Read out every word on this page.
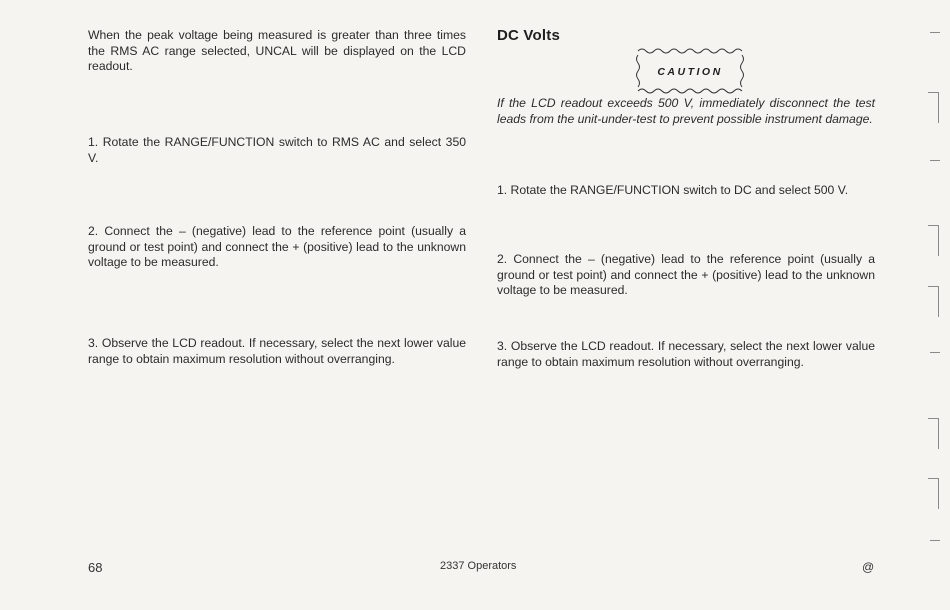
When the peak voltage being measured is greater than three times the RMS AC range selected, UNCAL will be displayed on the LCD readout.

1. Rotate the RANGE/FUNCTION switch to RMS AC and select 350 V.

2. Connect the – (negative) lead to the reference point (usually a ground or test point) and connect the + (positive) lead to the unknown voltage to be measured.

3. Observe the LCD readout. If necessary, select the next lower value range to obtain maximum resolution without overranging.

DC Volts
CAUTION

If the LCD readout exceeds 500 V, immediately disconnect the test leads from the unit-under-test to prevent possible instrument damage.

1. Rotate the RANGE/FUNCTION switch to DC and select 500 V.

2. Connect the – (negative) lead to the reference point (usually a ground or test point) and connect the + (positive) lead to the unknown voltage to be measured.

3. Observe the LCD readout. If necessary, select the next lower value range to obtain maximum resolution without overranging.

68	2337 Operators	@
